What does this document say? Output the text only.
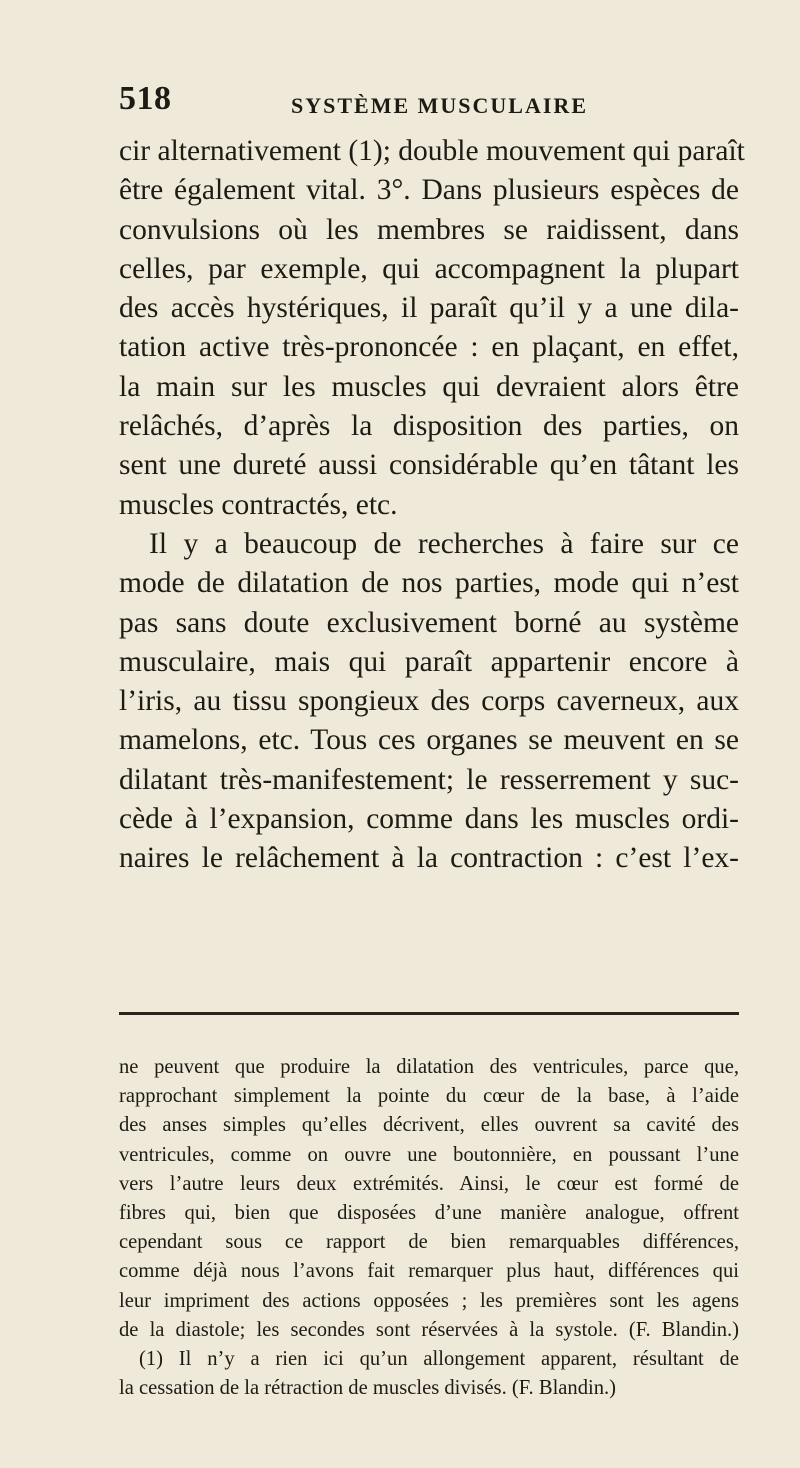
518	SYSTÈME MUSCULAIRE
cir alternativement (1); double mouvement qui paraît
être également vital. 3°. Dans plusieurs espèces de
convulsions où les membres se raidissent, dans
celles, par exemple, qui accompagnent la plupart
des accès hystériques, il paraît qu’il y a une dila-
tation active très-prononcée : en plaçant, en effet,
la main sur les muscles qui devraient alors être
relâchés, d’après la disposition des parties, on
sent une dureté aussi considérable qu’en tâtant les
muscles contractés, etc.
Il y a beaucoup de recherches à faire sur ce
mode de dilatation de nos parties, mode qui n’est
pas sans doute exclusivement borné au système
musculaire, mais qui paraît appartenir encore à
l’iris, au tissu spongieux des corps caverneux, aux
mamelons, etc. Tous ces organes se meuvent en se
dilatant très-manifestement; le resserrement y suc-
cède à l’expansion, comme dans les muscles ordi-
naires le relâchement à la contraction : c’est l’ex-
ne peuvent que produire la dilatation des ventricules, parce que,
rapprochant simplement la pointe du cœur de la base, à l’aide
des anses simples qu’elles décrivent, elles ouvrent sa cavité des
ventricules, comme on ouvre une boutonnière, en poussant l’une
vers l’autre leurs deux extrémités. Ainsi, le cœur est formé de
fibres qui, bien que disposées d’une manière analogue, offrent
cependant sous ce rapport de bien remarquables différences,
comme déjà nous l’avons fait remarquer plus haut, différences qui
leur impriment des actions opposées ; les premières sont les agens
de la diastole; les secondes sont réservées à la systole. (F. Blandin.)
(1) Il n’y a rien ici qu’un allongement apparent, résultant de
la cessation de la rétraction de muscles divisés. (F. Blandin.)
